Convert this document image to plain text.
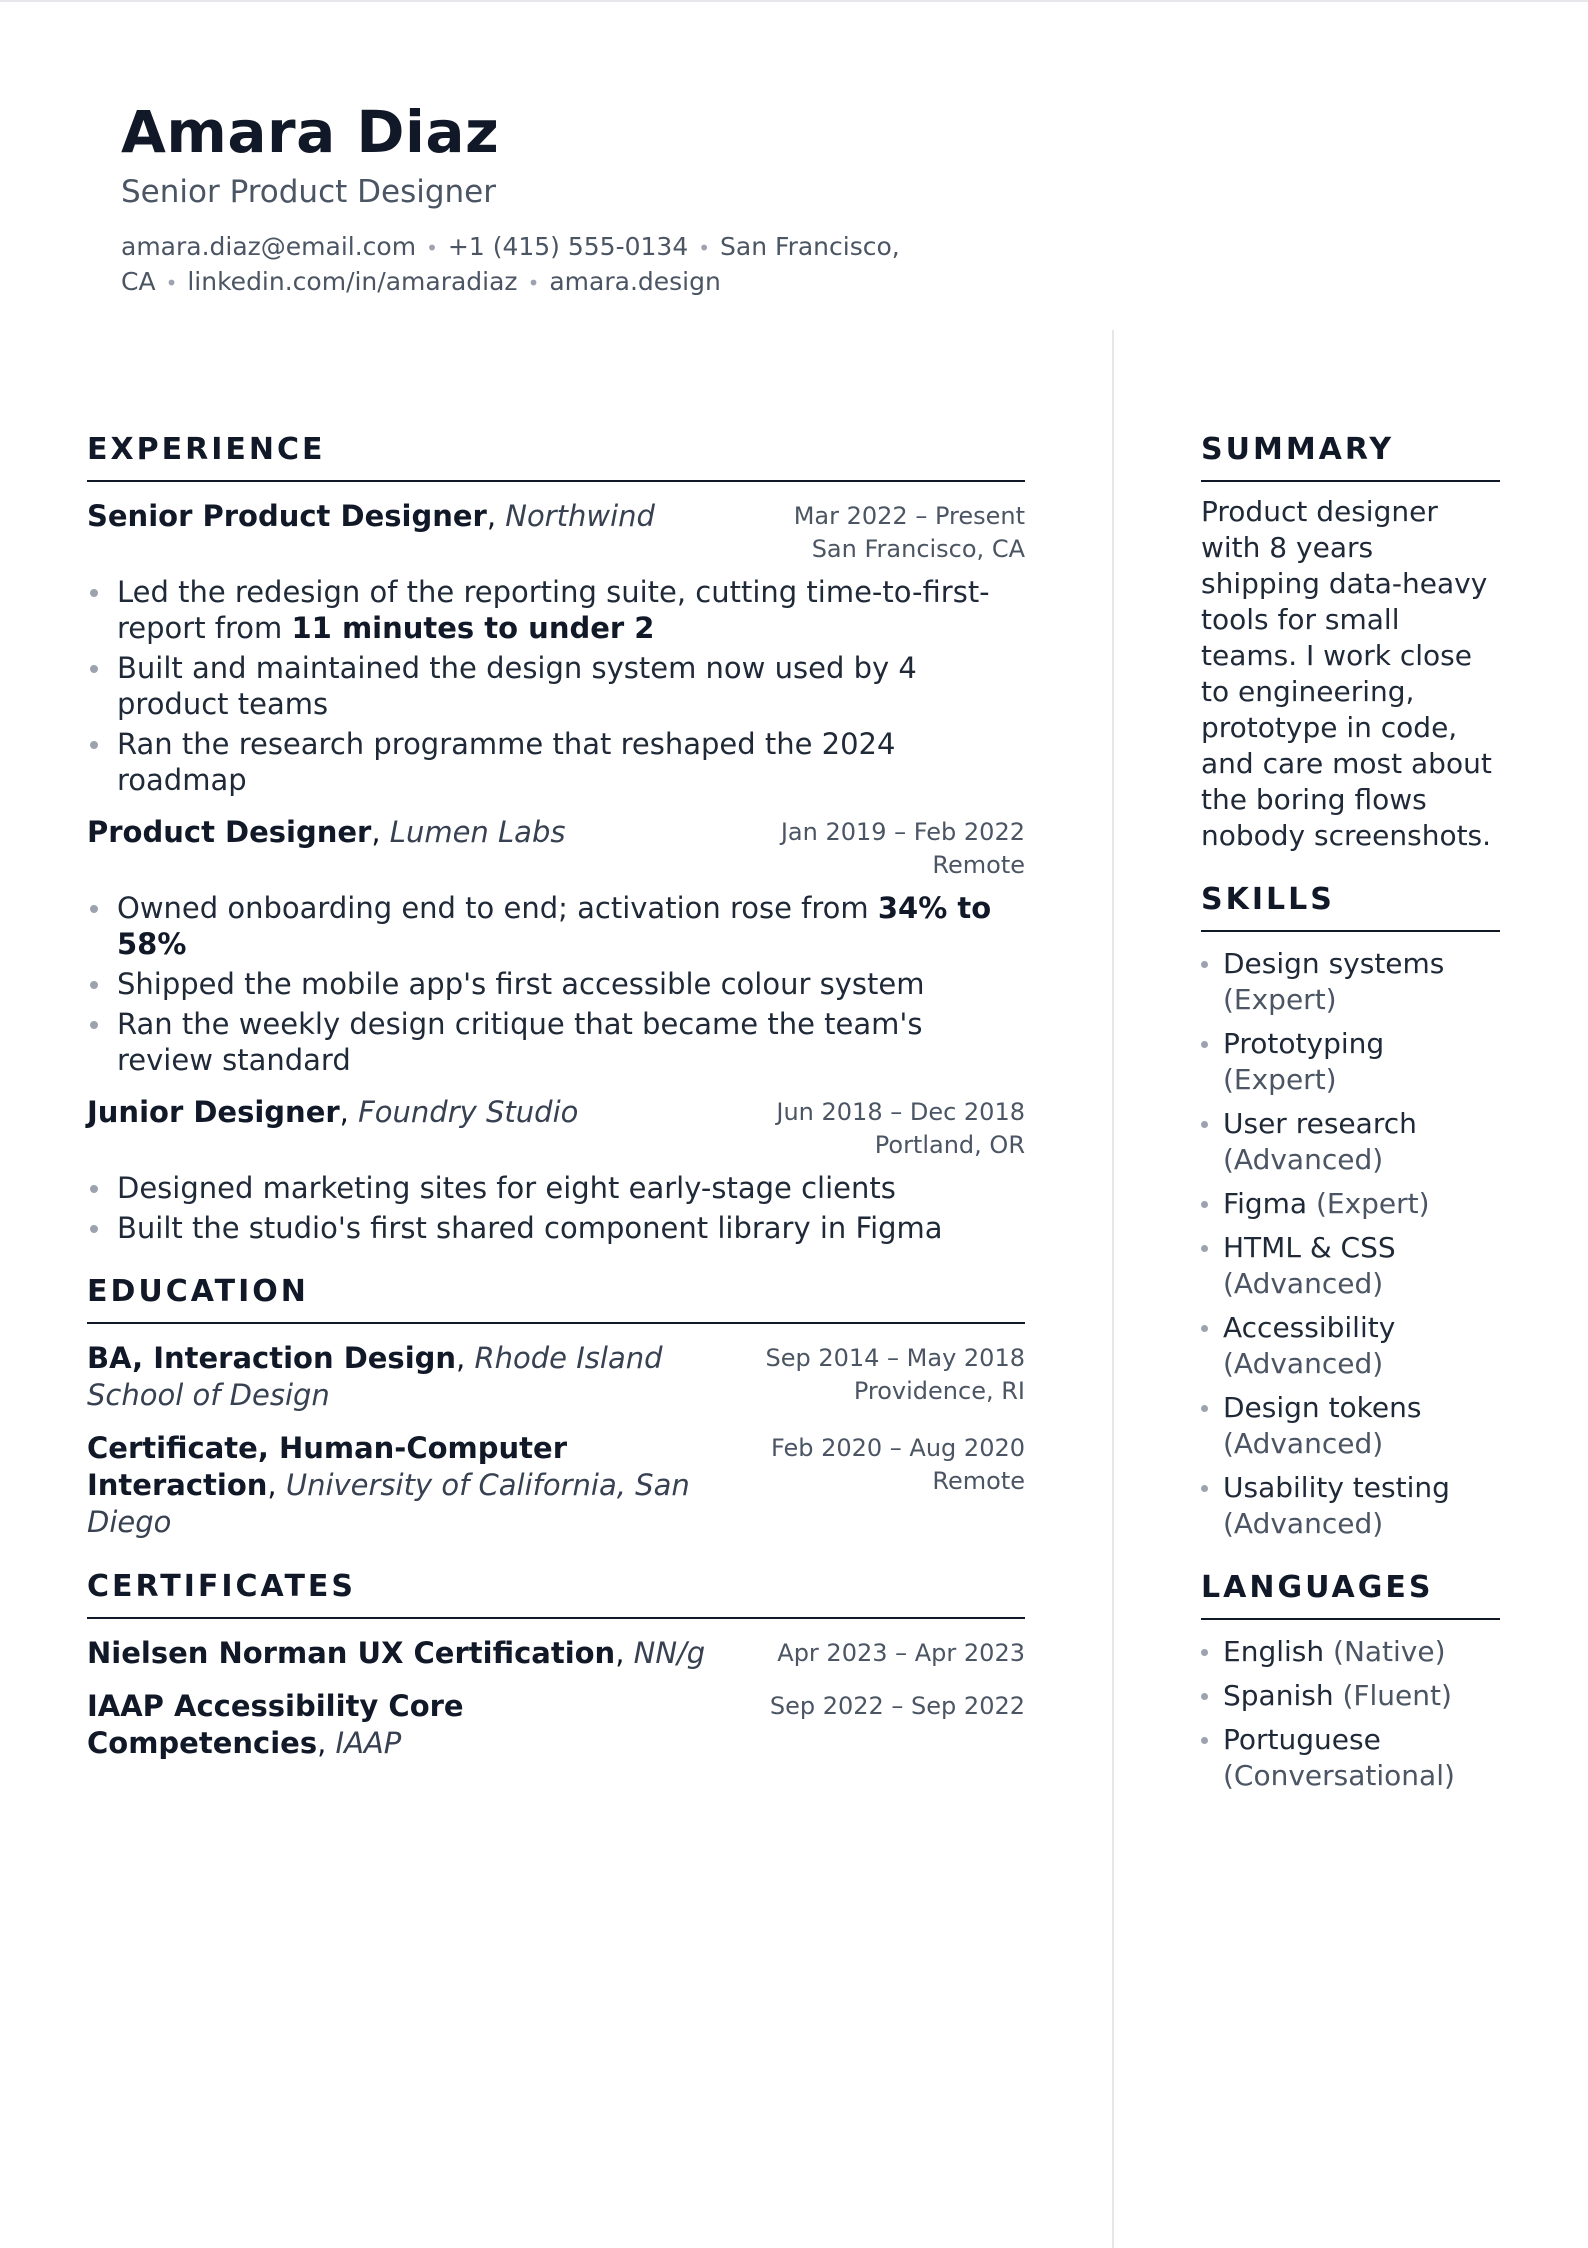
Amara Diaz
Senior Product Designer
amara.diaz@email.com • +1 (415) 555-0134 • San Francisco, CA • linkedin.com/in/amaradiaz • amara.design
EXPERIENCE
Senior Product Designer, Northwind	Mar 2022 – Present
San Francisco, CA
Led the redesign of the reporting suite, cutting time-to-first-report from 11 minutes to under 2
Built and maintained the design system now used by 4 product teams
Ran the research programme that reshaped the 2024 roadmap
Product Designer, Lumen Labs	Jan 2019 – Feb 2022
Remote
Owned onboarding end to end; activation rose from 34% to 58%
Shipped the mobile app's first accessible colour system
Ran the weekly design critique that became the team's review standard
Junior Designer, Foundry Studio	Jun 2018 – Dec 2018
Portland, OR
Designed marketing sites for eight early-stage clients
Built the studio's first shared component library in Figma
EDUCATION
BA, Interaction Design, Rhode Island School of Design
Sep 2014 – May 2018
Providence, RI
Certificate, Human-Computer Interaction, University of California, San Diego
Feb 2020 – Aug 2020
Remote
CERTIFICATES
Nielsen Norman UX Certification, NN/g	Apr 2023 – Apr 2023
IAAP Accessibility Core Competencies, IAAP
Sep 2022 – Sep 2022
SUMMARY
Product designer with 8 years shipping data-heavy tools for small teams. I work close to engineering, prototype in code, and care most about the boring flows nobody screenshots.
SKILLS
Design systems (Expert)
Prototyping (Expert)
User research (Advanced)
Figma (Expert)
HTML & CSS (Advanced)
Accessibility (Advanced)
Design tokens (Advanced)
Usability testing (Advanced)
LANGUAGES
English (Native)
Spanish (Fluent)
Portuguese (Conversational)
